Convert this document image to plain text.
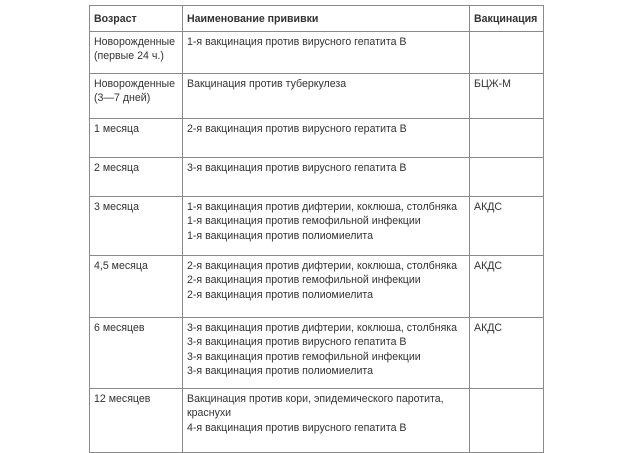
Возраст	Наименование прививки	Вакцинация

Новорожденные
(первые 24 ч.)	1-я вакцинация против вирусного гепатита В	

Новорожденные
(3—7 дней)	Вакцинация против туберкулеза	БЦЖ-М

1 месяца	2-я вакцинация против вирусного гератита В	

2 месяца	3-я вакцинация против вирусного гепатита В	

3 месяца	1-я вакцинация против дифтерии, коклюша, столбняка
1-я вакцинация против гемофильной инфекции
1-я вакцинация против полиомиелита	АКДС

4,5 месяца	2-я вакцинация против дифтерии, коклюша, столбняка
2-я вакцинация против гемофильной инфекции
2-я вакцинация против полиомиелита	АКДС

6 месяцев	3-я вакцинация против дифтерии, коклюша, столбняка
3-я вакцинация против вирусного гепатита В
3-я вакцинация против гемофильной инфекции
3-я вакцинация против полиомиелита	АКДС

12 месяцев	Вакцинация против кори, эпидемического паротита,
краснухи
4-я вакцинация против вирусного гепатита В	
